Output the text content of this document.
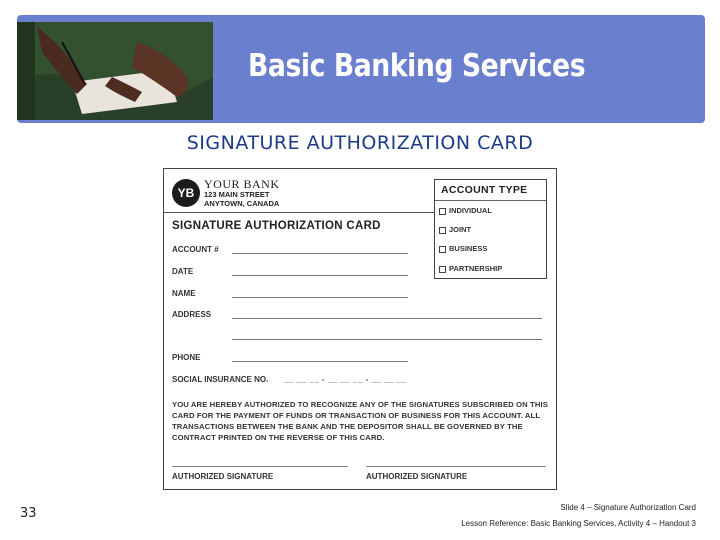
Basic Banking Services
SIGNATURE AUTHORIZATION CARD
YB
YOUR BANK
123 MAIN STREET
ANYTOWN, CANADA
ACCOUNT TYPE
INDIVIDUAL
JOINT
BUSINESS
PARTNERSHIP
SIGNATURE AUTHORIZATION CARD
ACCOUNT #
DATE
NAME
ADDRESS
PHONE
SOCIAL INSURANCE NO. __ __ __ - __ __ __ - __ __ __
YOU ARE HEREBY AUTHORIZED TO RECOGNIZE ANY OF THE SIGNATURES SUBSCRIBED ON THIS CARD FOR THE PAYMENT OF FUNDS OR TRANSACTION OF BUSINESS FOR THIS ACCOUNT. ALL TRANSACTIONS BETWEEN THE BANK AND THE DEPOSITOR SHALL BE GOVERNED BY THE CONTRACT PRINTED ON THE REVERSE OF THIS CARD.
AUTHORIZED SIGNATURE	AUTHORIZED SIGNATURE
33	Slide 4 – Signature Authorization Card
Lesson Reference: Basic Banking Services, Activity 4 – Handout 3
